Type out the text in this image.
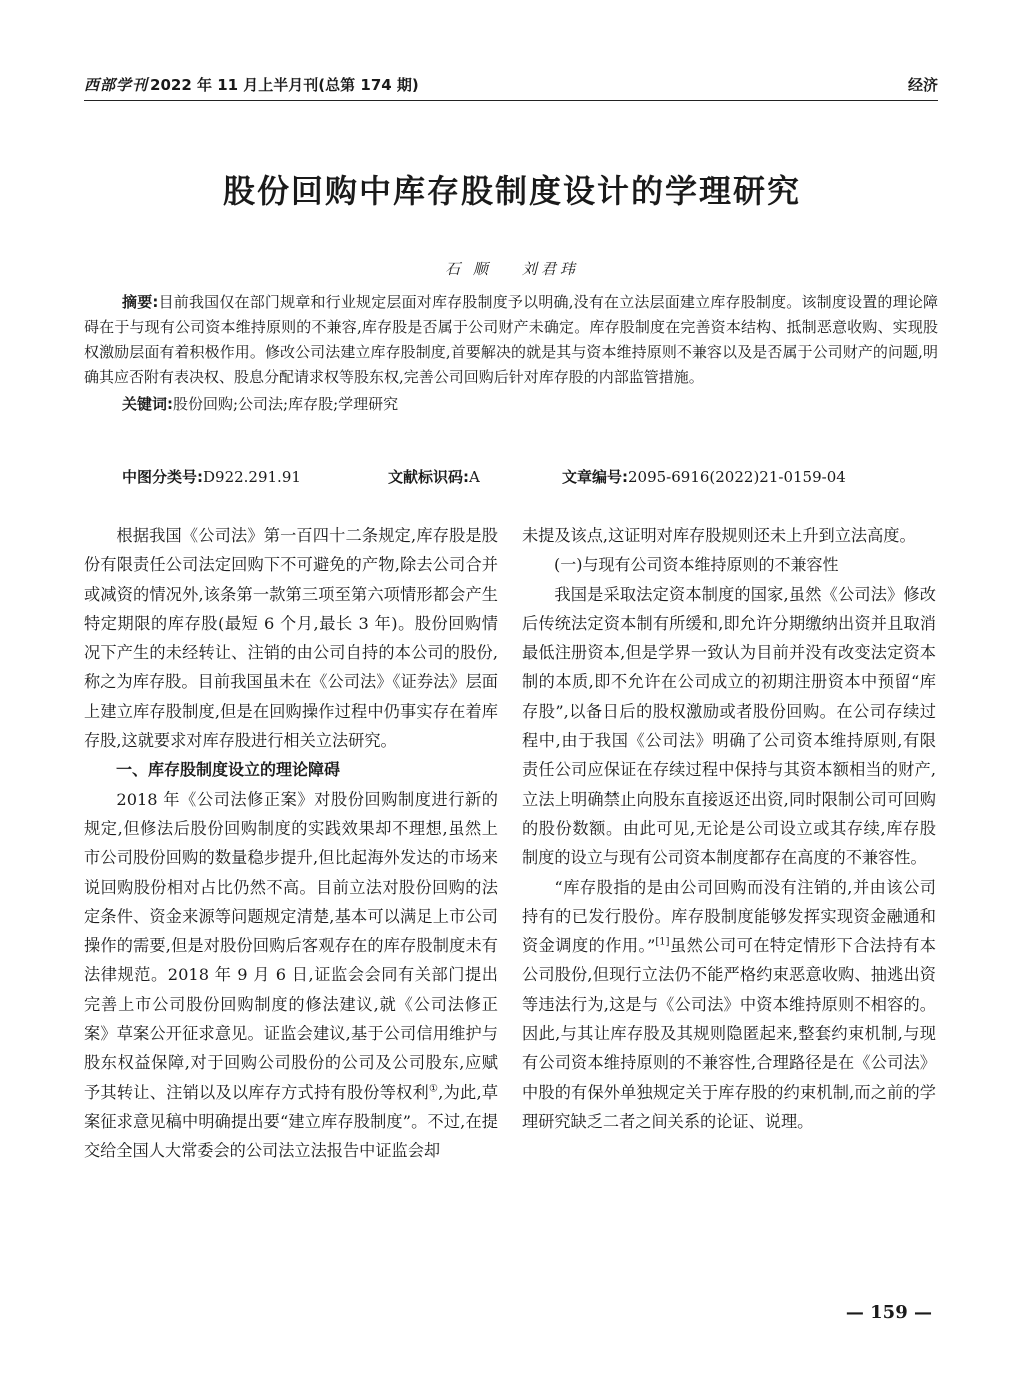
西部学刊 2022 年 11 月上半月刊(总第 174 期)	经济
股份回购中库存股制度设计的学理研究
石 顺 刘君玮

摘要:目前我国仅在部门规章和行业规定层面对库存股制度予以明确,没有在立法层面建立库存股制度。该制度设置的理论障碍在于与现有公司资本维持原则的不兼容,库存股是否属于公司财产未确定。库存股制度在完善资本结构、抵制恶意收购、实现股权激励层面有着积极作用。修改公司法建立库存股制度,首要解决的就是其与资本维持原则不兼容以及是否属于公司财产的问题,明确其应否附有表决权、股息分配请求权等股东权,完善公司回购后针对库存股的内部监管措施。

关键词:股份回购;公司法;库存股;学理研究

中图分类号:D922.291.91	文献标识码:A	文章编号:2095-6916(2022)21-0159-04

根据我国《公司法》第一百四十二条规定,库存股是股份有限责任公司法定回购下不可避免的产物,除去公司合并或减资的情况外,该条第一款第三项至第六项情形都会产生特定期限的库存股(最短 6 个月,最长 3 年)。股份回购情况下产生的未经转让、注销的由公司自持的本公司的股份,称之为库存股。目前我国虽未在《公司法》《证券法》层面上建立库存股制度,但是在回购操作过程中仍事实存在着库存股,这就要求对库存股进行相关立法研究。

一、库存股制度设立的理论障碍

2018 年《公司法修正案》对股份回购制度进行新的规定,但修法后股份回购制度的实践效果却不理想,虽然上市公司股份回购的数量稳步提升,但比起海外发达的市场来说回购股份相对占比仍然不高。目前立法对股份回购的法定条件、资金来源等问题规定清楚,基本可以满足上市公司操作的需要,但是对股份回购后客观存在的库存股制度未有法律规范。2018 年 9 月 6 日,证监会会同有关部门提出完善上市公司股份回购制度的修法建议,就《公司法修正案》草案公开征求意见。证监会建议,基于公司信用维护与股东权益保障,对于回购公司股份的公司及公司股东,应赋予其转让、注销以及以库存方式持有股份等权利①,为此,草案征求意见稿中明确提出要“建立库存股制度”。不过,在提交给全国人大常委会的公司法立法报告中证监会却

未提及该点,这证明对库存股规则还未上升到立法高度。

(一)与现有公司资本维持原则的不兼容性

我国是采取法定资本制度的国家,虽然《公司法》修改后传统法定资本制有所缓和,即允许分期缴纳出资并且取消最低注册资本,但是学界一致认为目前并没有改变法定资本制的本质,即不允许在公司成立的初期注册资本中预留“库存股”,以备日后的股权激励或者股份回购。在公司存续过程中,由于我国《公司法》明确了公司资本维持原则,有限责任公司应保证在存续过程中保持与其资本额相当的财产,立法上明确禁止向股东直接返还出资,同时限制公司可回购的股份数额。由此可见,无论是公司设立或其存续,库存股制度的设立与现有公司资本制度都存在高度的不兼容性。

“库存股指的是由公司回购而没有注销的,并由该公司持有的已发行股份。库存股制度能够发挥实现资金融通和资金调度的作用。”[1]虽然公司可在特定情形下合法持有本公司股份,但现行立法仍不能严格约束恶意收购、抽逃出资等违法行为,这是与《公司法》中资本维持原则不相容的。因此,与其让库存股及其规则隐匿起来,整套约束机制,与现有公司资本维持原则的不兼容性,合理路径是在《公司法》中股的有保外单独规定关于库存股的约束机制,而之前的学理研究缺乏二者之间关系的论证、说理。

— 159 —
